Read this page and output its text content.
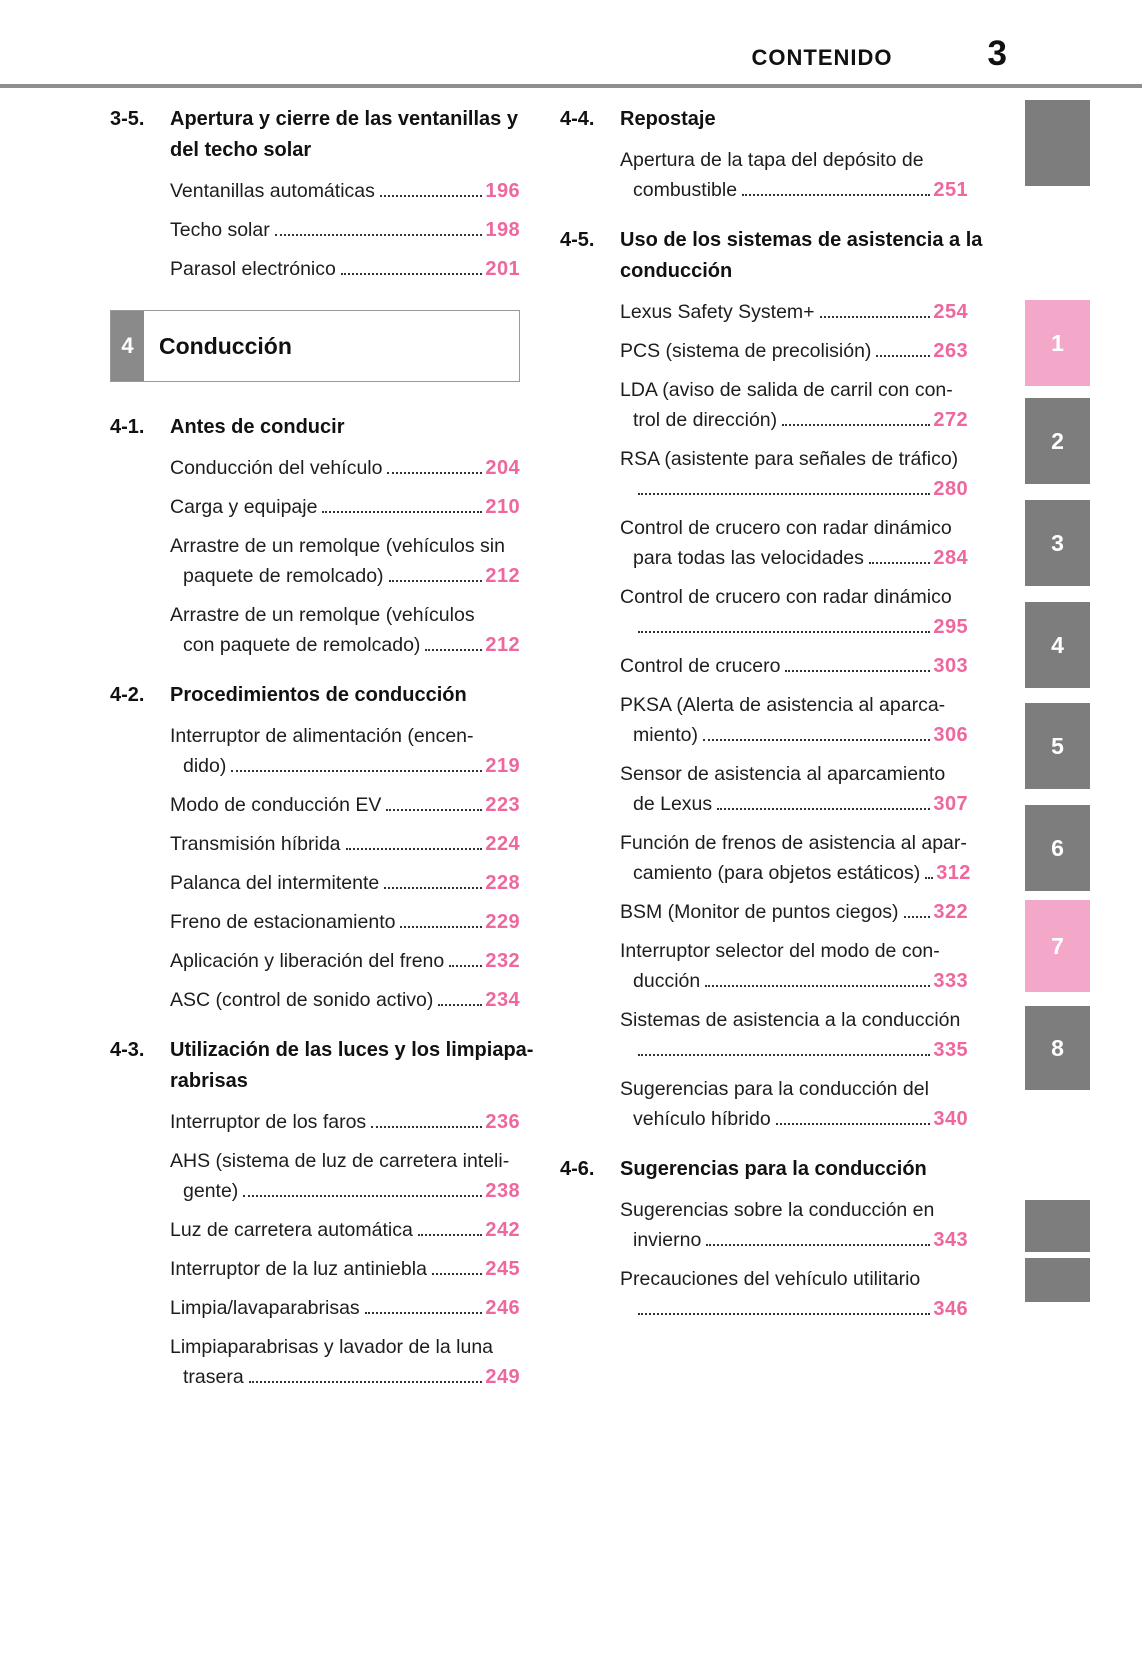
CONTENIDO	3
3-5.	Apertura y cierre de las ventanillas y
del techo solar
Ventanillas automáticas	196
Techo solar	198
Parasol electrónico	201
4	Conducción
4-1.	Antes de conducir
Conducción del vehículo	204
Carga y equipaje	210
Arrastre de un remolque (vehículos sin
paquete de remolcado)	212
Arrastre de un remolque (vehículos
con paquete de remolcado)	212
4-2.	Procedimientos de conducción
Interruptor de alimentación (encen-
dido)	219
Modo de conducción EV	223
Transmisión híbrida	224
Palanca del intermitente	228
Freno de estacionamiento	229
Aplicación y liberación del freno 232
ASC (control de sonido activo)	234
4-3.	Utilización de las luces y los limpiapa-
rabrisas
Interruptor de los faros	236
AHS (sistema de luz de carretera inteli-
gente)	238
Luz de carretera automática	242
Interruptor de la luz antiniebla	245
Limpia/lavaparabrisas	246
Limpiaparabrisas y lavador de la luna
trasera	249
4-4.	Repostaje
Apertura de la tapa del depósito de
combustible	251
4-5.	Uso de los sistemas de asistencia a la
conducción
Lexus Safety System+	254
PCS (sistema de precolisión)	263
LDA (aviso de salida de carril con con-
trol de dirección)	272
RSA (asistente para señales de tráfico)
280
Control de crucero con radar dinámico
para todas las velocidades	284
Control de crucero con radar dinámico
295
Control de crucero	303
PKSA (Alerta de asistencia al aparca-
miento)	306
Sensor de asistencia al aparcamiento
de Lexus	307
Función de frenos de asistencia al apar-
camiento (para objetos estáticos) 312
BSM (Monitor de puntos ciegos) 322
Interruptor selector del modo de con-
ducción	333
Sistemas de asistencia a la conducción
335
Sugerencias para la conducción del
vehículo híbrido	340
4-6.	Sugerencias para la conducción
Sugerencias sobre la conducción en
invierno	343
Precauciones del vehículo utilitario
346
1
2
3
4
5
6
7
8
